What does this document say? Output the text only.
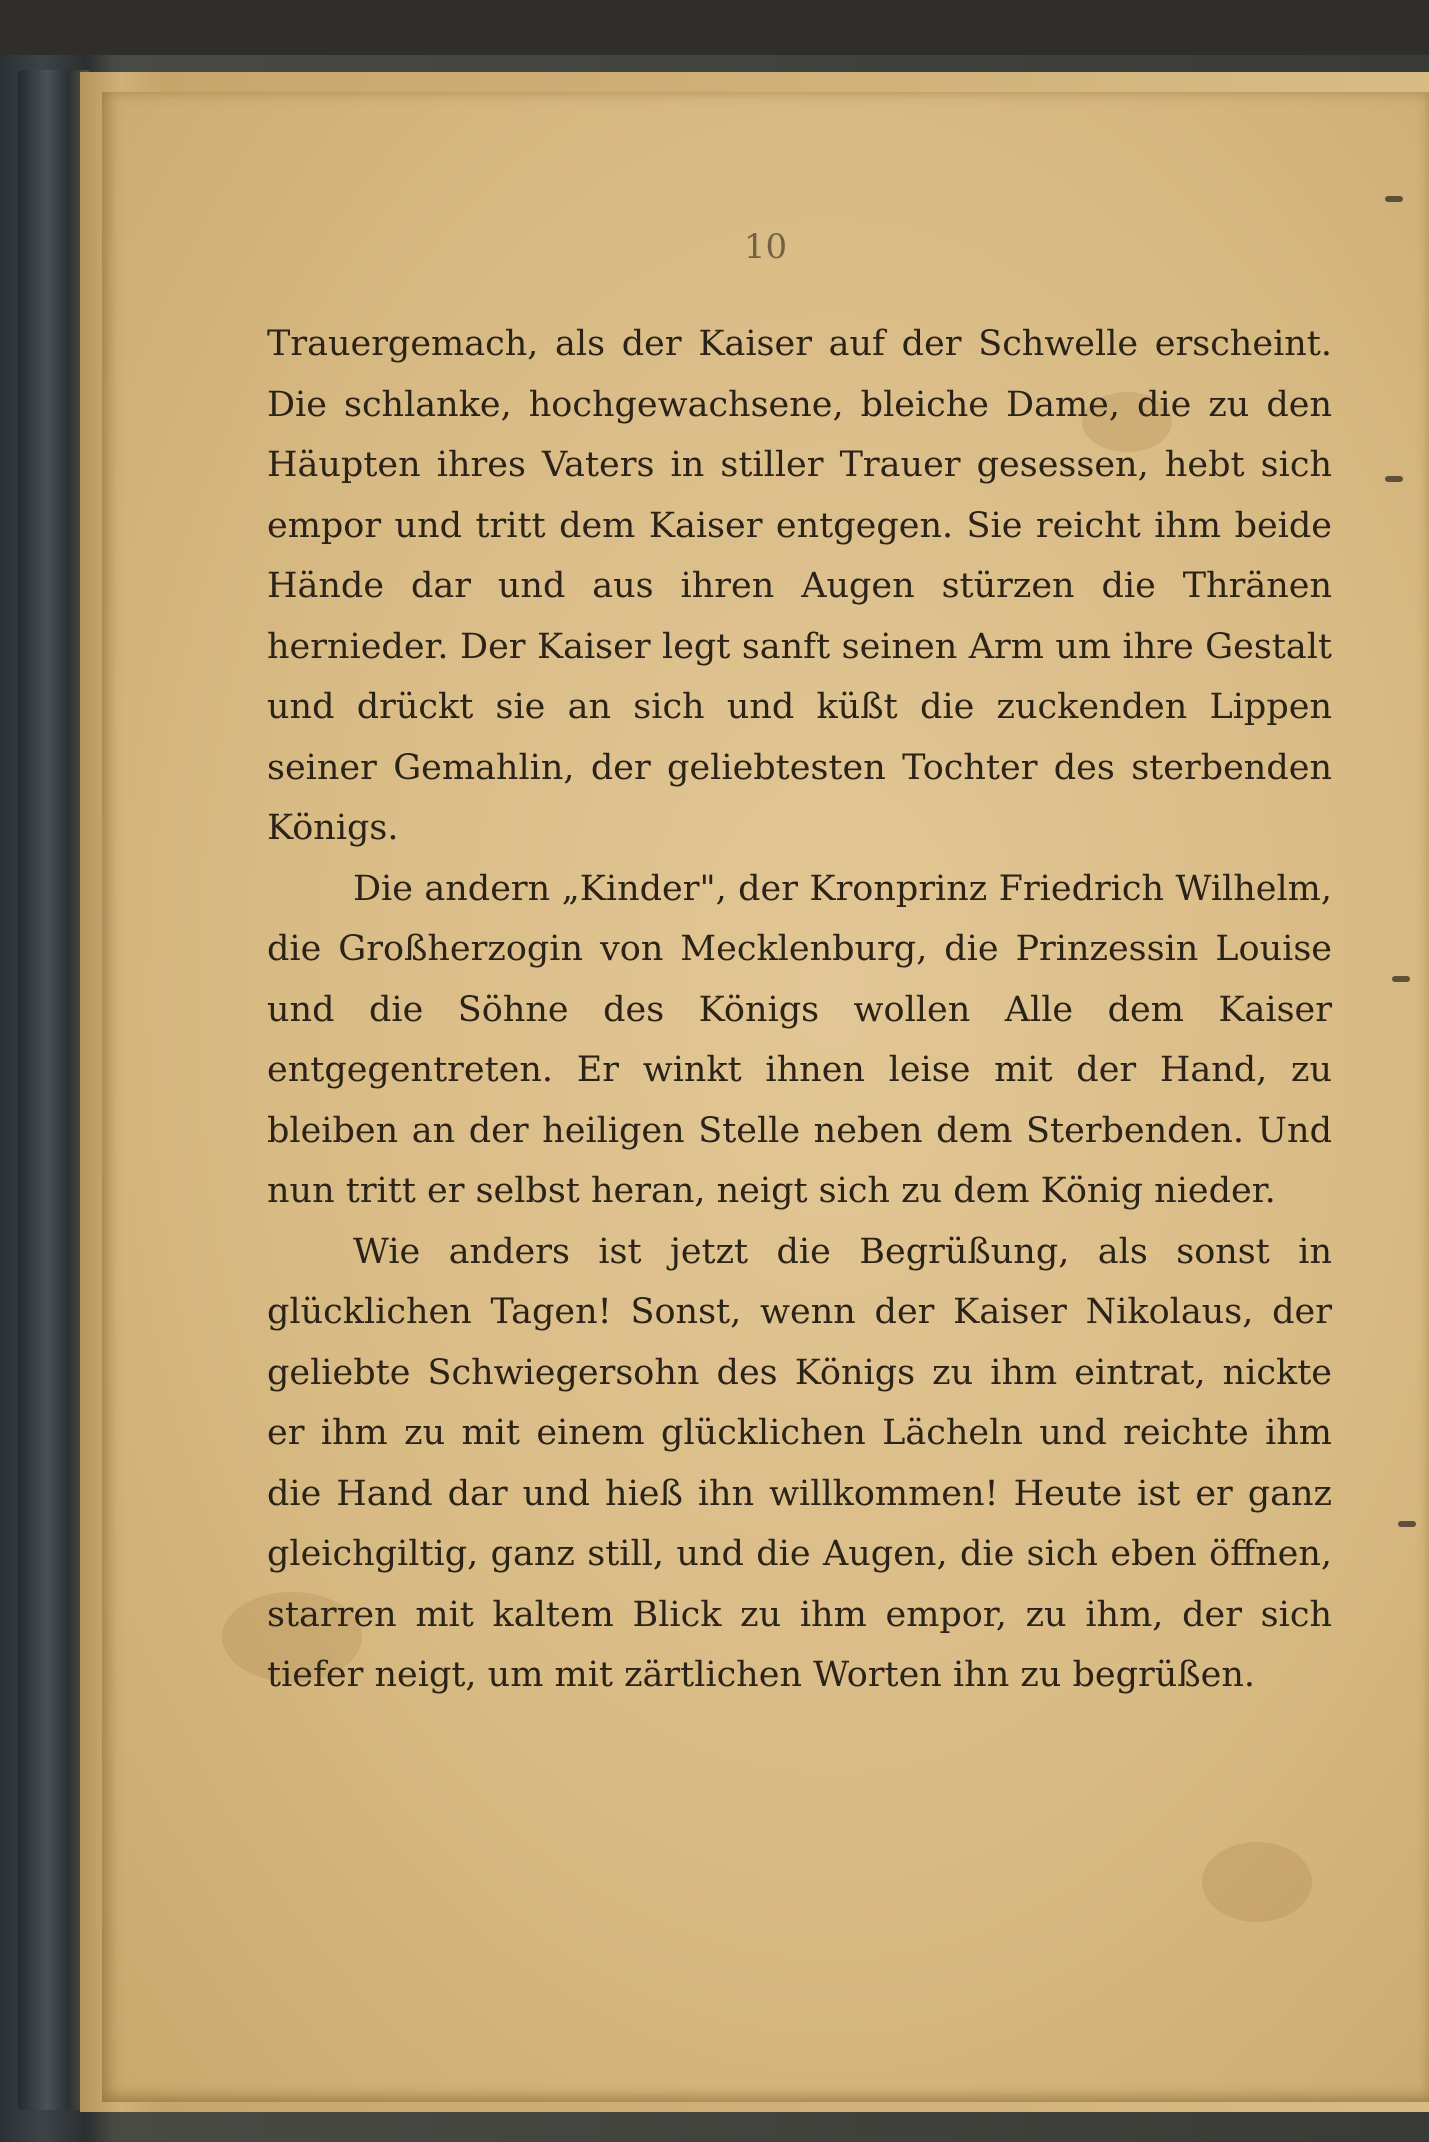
10

Trauergemach, als der Kaiser auf der Schwelle erscheint. Die schlanke, hochgewachsene, bleiche Dame, die zu den Häupten ihres Vaters in stiller Trauer gesessen, hebt sich empor und tritt dem Kaiser entgegen. Sie reicht ihm beide Hände dar und aus ihren Augen stürzen die Thränen hernieder. Der Kaiser legt sanft seinen Arm um ihre Gestalt und drückt sie an sich und küßt die zuckenden Lippen seiner Gemahlin, der geliebtesten Tochter des sterbenden Königs.

Die andern „Kinder", der Kronprinz Friedrich Wilhelm, die Großherzogin von Mecklenburg, die Prinzessin Louise und die Söhne des Königs wollen Alle dem Kaiser entgegentreten. Er winkt ihnen leise mit der Hand, zu bleiben an der heiligen Stelle neben dem Sterbenden. Und nun tritt er selbst heran, neigt sich zu dem König nieder.

Wie anders ist jetzt die Begrüßung, als sonst in glücklichen Tagen! Sonst, wenn der Kaiser Nikolaus, der geliebte Schwiegersohn des Königs zu ihm eintrat, nickte er ihm zu mit einem glücklichen Lächeln und reichte ihm die Hand dar und hieß ihn willkommen! Heute ist er ganz gleichgiltig, ganz still, und die Augen, die sich eben öffnen, starren mit kaltem Blick zu ihm empor, zu ihm, der sich tiefer neigt, um mit zärtlichen Worten ihn zu begrüßen.
